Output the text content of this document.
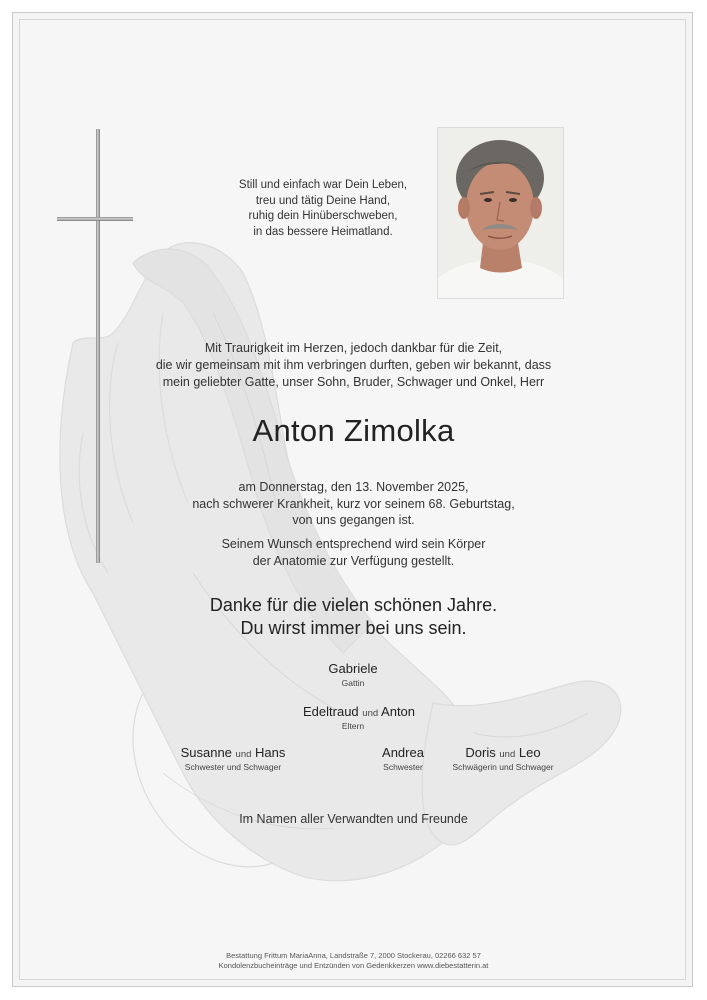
Still und einfach war Dein Leben,
treu und tätig Deine Hand,
ruhig dein Hinüberschweben,
in das bessere Heimatland.
Mit Traurigkeit im Herzen, jedoch dankbar für die Zeit,
die wir gemeinsam mit ihm verbringen durften, geben wir bekannt, dass
mein geliebter Gatte, unser Sohn, Bruder, Schwager und Onkel, Herr
Anton Zimolka
am Donnerstag, den 13. November 2025,
nach schwerer Krankheit, kurz vor seinem 68. Geburtstag,
von uns gegangen ist.
Seinem Wunsch entsprechend wird sein Körper
der Anatomie zur Verfügung gestellt.
Danke für die vielen schönen Jahre.
Du wirst immer bei uns sein.
Gabriele
Gattin
Edeltraud und Anton
Eltern
Susanne und Hans
Schwester und Schwager
Andrea
Schwester
Doris und Leo
Schwägerin und Schwager
Im Namen aller Verwandten und Freunde
Bestattung Frittum MariaAnna, Landstraße 7, 2000 Stockerau, 02266 632 57
Kondolenzbucheinträge und Entzünden von Gedenkkerzen www.diebestatterin.at
